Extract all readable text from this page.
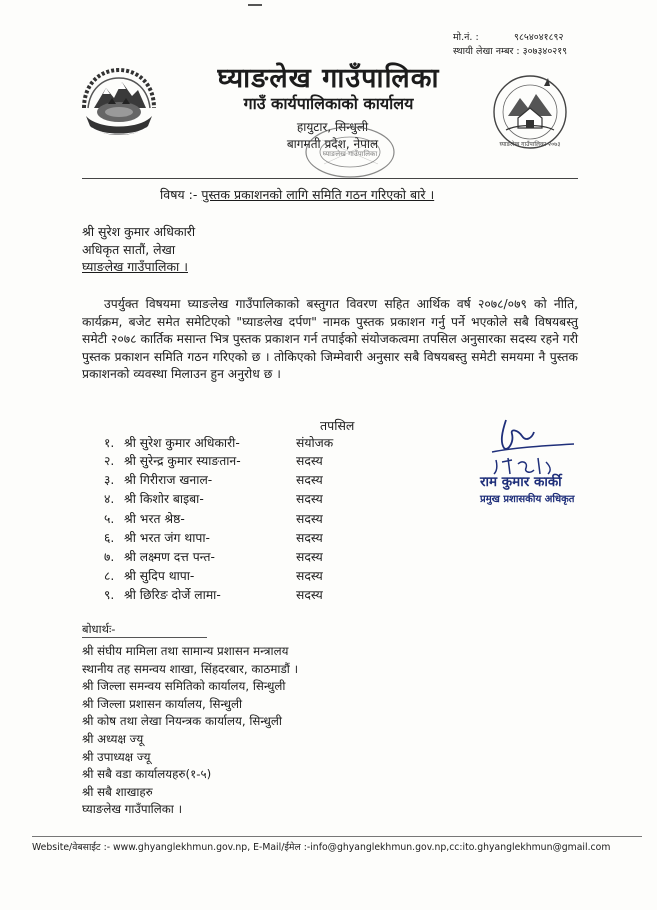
मो.नं. :	९८५४०४१८९२
स्थायी लेखा नम्बर : ३०७३४०२१९
घ्याङलेख गाउँपालिका
गाउँ कार्यपालिकाको कार्यालय
हायुटार, सिन्धुली
बागमती प्रदेश, नेपाल	घ्याङलेख गाउँपालिका २०७३
घ्याङलेख गाउँपालिका
विषय :- पुस्तक प्रकाशनको लागि समिति गठन गरिएको बारे ।
श्री सुरेश कुमार अधिकारी
अधिकृत सातौं, लेखा
घ्याङलेख गाउँपालिका ।
उपर्युक्त विषयमा घ्याङलेख गाउँपालिकाको बस्तुगत विवरण सहित आर्थिक वर्ष २०७८/०७९ को नीति, कार्यक्रम, बजेट समेत समेटिएको "घ्याङलेख दर्पण" नामक पुस्तक प्रकाशन गर्नु पर्ने भएकोले सबै विषयबस्तु समेटी २०७८ कार्तिक मसान्त भित्र पुस्तक प्रकाशन गर्न तपाईको संयोजकत्वमा तपसिल अनुसारका सदस्य रहने गरी पुस्तक प्रकाशन समिति गठन गरिएको छ । तोकिएको जिम्मेवारी अनुसार सबै विषयबस्तु समेटी समयमा नै पुस्तक प्रकाशनको व्यवस्था मिलाउन हुन अनुरोध छ ।
तपसिल
१. श्री सुरेश कुमार अधिकारी-	संयोजक
२. श्री सुरेन्द्र कुमार स्याङतान-	सदस्य
३. श्री गिरीराज खनाल-	सदस्य
४. श्री किशोर बाइबा-	सदस्य
५. श्री भरत श्रेष्ठ-	सदस्य
६. श्री भरत जंग थापा-	सदस्य
७. श्री लक्ष्मण दत्त पन्त-	सदस्य
८. श्री सुदिप थापा-	सदस्य
९. श्री छिरिङ दोर्जे लामा-	सदस्य
राम कुमार कार्की
प्रमुख प्रशासकीय अधिकृत
बोधार्थः-
श्री संघीय मामिला तथा सामान्य प्रशासन मन्त्रालय
स्थानीय तह समन्वय शाखा, सिंहदरबार, काठमाडौं ।
श्री जिल्ला समन्वय समितिको कार्यालय, सिन्धुली
श्री जिल्ला प्रशासन कार्यालय, सिन्धुली
श्री कोष तथा लेखा नियन्त्रक कार्यालय, सिन्धुली
श्री अध्यक्ष ज्यू
श्री उपाध्यक्ष ज्यू
श्री सबै वडा कार्यालयहरु(१-५)
श्री सबै शाखाहरु
घ्याङलेख गाउँपालिका ।
Website/वेबसाईट :- www.ghyanglekhmun.gov.np, E-Mail/ईमेल :-info@ghyanglekhmun.gov.np,cc:ito.ghyanglekhmun@gmail.com
